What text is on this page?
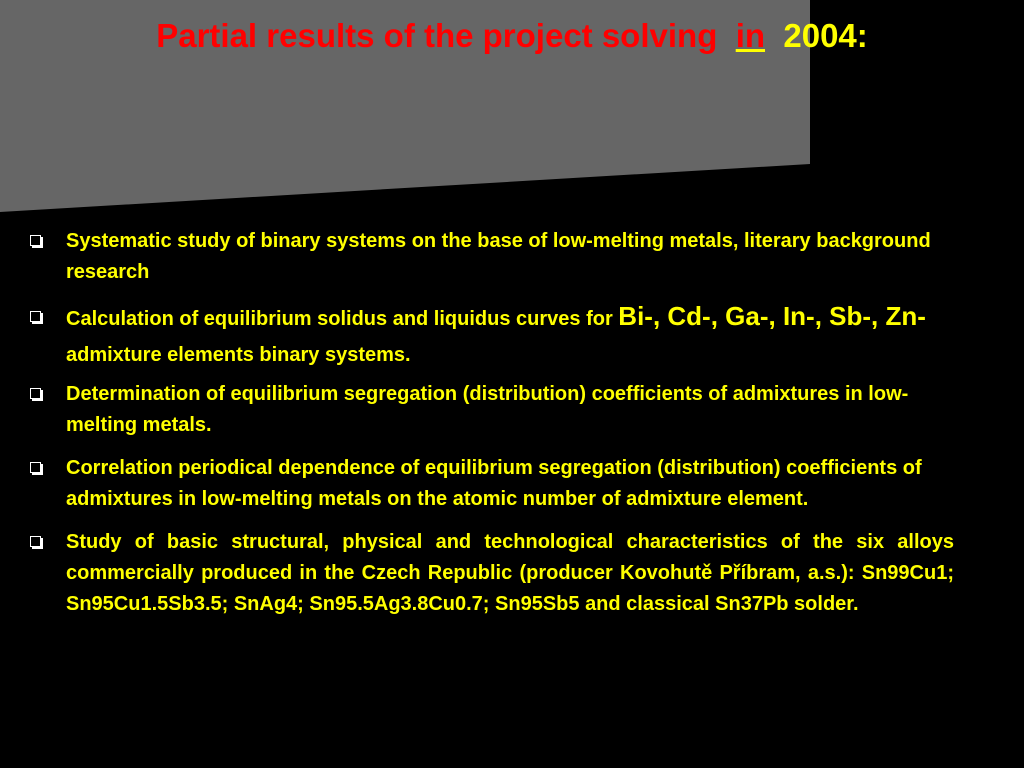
Partial results of the project solving in 2004:
Systematic study of binary systems on the base of low-melting metals, literary background research
Calculation of equilibrium solidus and liquidus curves for Bi-, Cd-, Ga-, In-, Sb-, Zn- admixture elements binary systems.
Determination of equilibrium segregation (distribution) coefficients of admixtures in low-melting metals.
Correlation periodical dependence of equilibrium segregation (distribution) coefficients of admixtures in low-melting metals on the atomic number of admixture element.
Study of basic structural, physical and technological characteristics of the six alloys commercially produced in the Czech Republic (producer Kovohutě Příbram, a.s.): Sn99Cu1; Sn95Cu1.5Sb3.5; SnAg4; Sn95.5Ag3.8Cu0.7; Sn95Sb5 and classical Sn37Pb solder.
